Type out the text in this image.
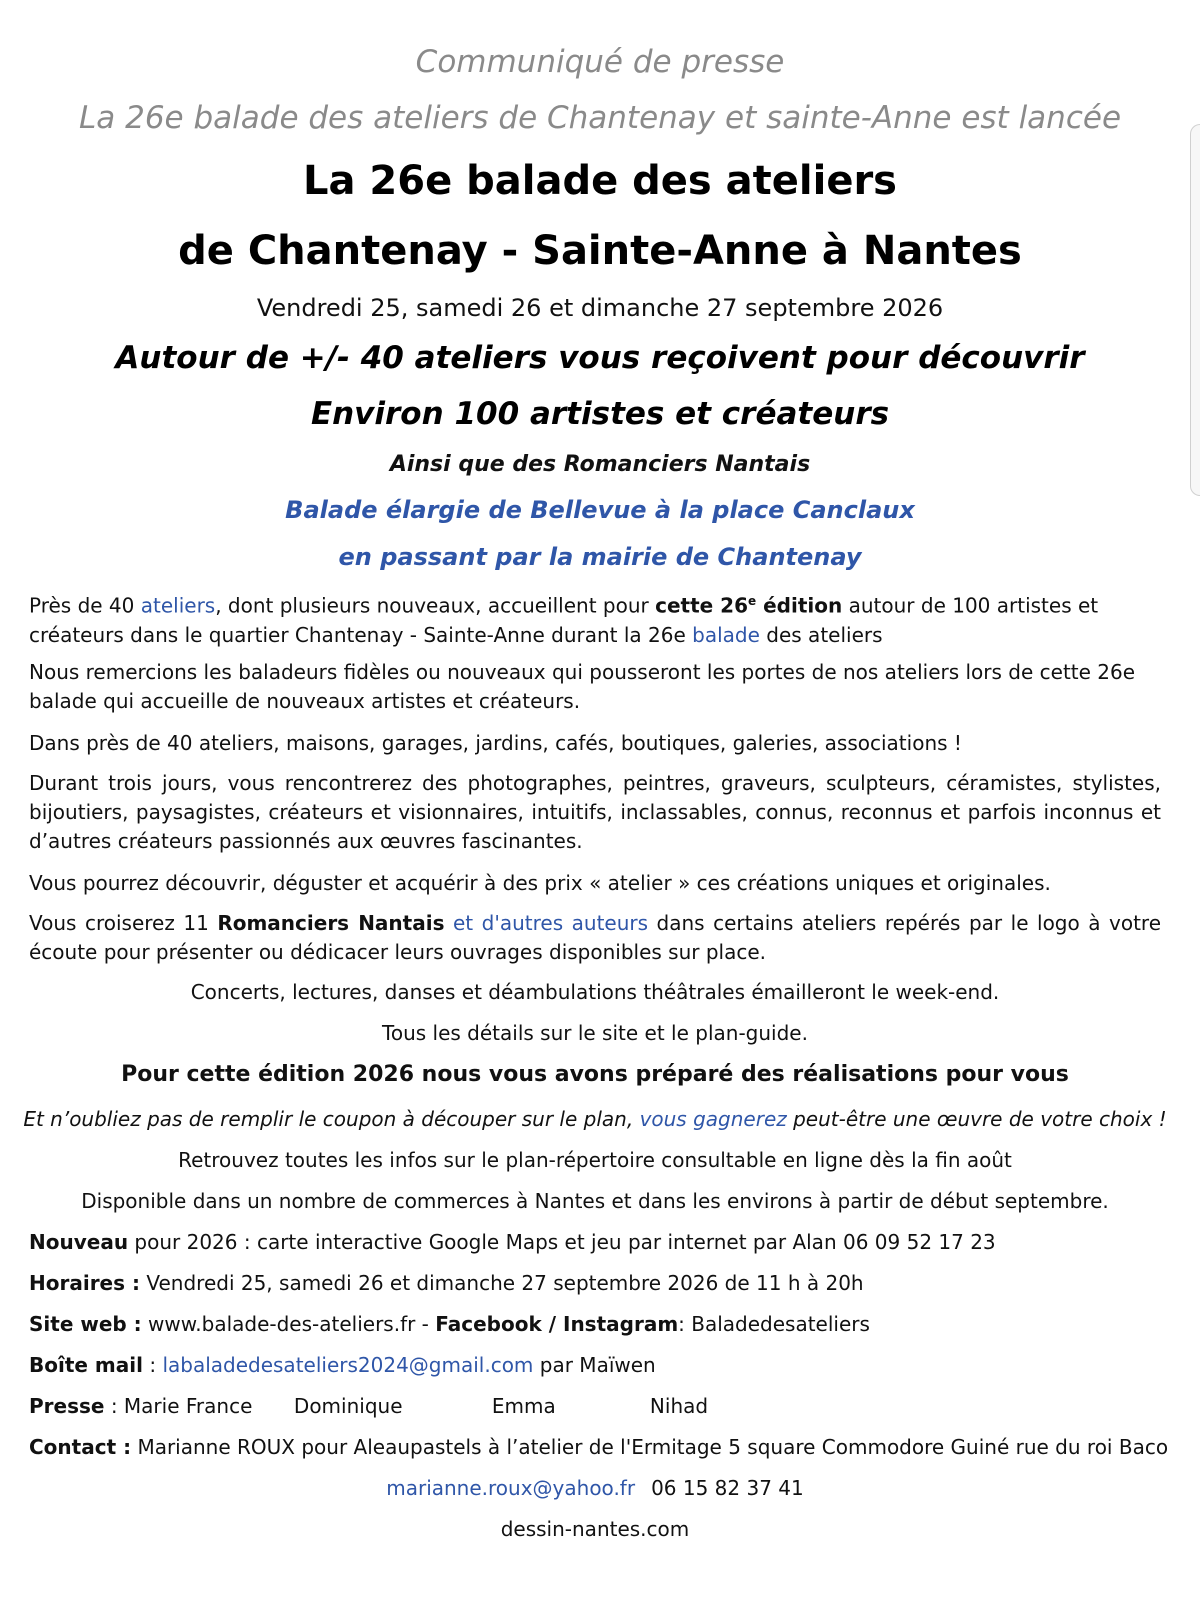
Communiqué de presse
La 26e balade des ateliers de Chantenay et sainte-Anne est lancée
La 26e balade des ateliers
de Chantenay - Sainte-Anne à Nantes
Vendredi 25, samedi 26 et dimanche 27 septembre 2026
Autour de +/- 40 ateliers vous reçoivent pour découvrir
Environ 100 artistes et créateurs
Ainsi que des Romanciers Nantais
Balade élargie de Bellevue à la place Canclaux
en passant par la mairie de Chantenay
Près de 40 ateliers, dont plusieurs nouveaux, accueillent pour cette 26e édition autour de 100 artistes et créateurs dans le quartier Chantenay - Sainte-Anne durant la 26e balade des ateliers
Nous remercions les baladeurs fidèles ou nouveaux qui pousseront les portes de nos ateliers lors de cette 26e balade qui accueille de nouveaux artistes et créateurs.
Dans près de 40 ateliers, maisons, garages, jardins, cafés, boutiques, galeries, associations !
Durant trois jours, vous rencontrerez des photographes, peintres, graveurs, sculpteurs, céramistes, stylistes, bijoutiers, paysagistes, créateurs et visionnaires, intuitifs, inclassables, connus, reconnus et parfois inconnus et d’autres créateurs passionnés aux œuvres fascinantes.
Vous pourrez découvrir, déguster et acquérir à des prix « atelier » ces créations uniques et originales.
Vous croiserez 11 Romanciers Nantais et d'autres auteurs dans certains ateliers repérés par le logo à votre écoute pour présenter ou dédicacer leurs ouvrages disponibles sur place.
Concerts, lectures, danses et déambulations théâtrales émailleront le week-end.
Tous les détails sur le site et le plan-guide.
Pour cette édition 2026 nous vous avons préparé des réalisations pour vous
Et n’oubliez pas de remplir le coupon à découper sur le plan, vous gagnerez peut-être une œuvre de votre choix !
Retrouvez toutes les infos sur le plan-répertoire consultable en ligne dès la fin août
Disponible dans un nombre de commerces à Nantes et dans les environs à partir de début septembre.
Nouveau pour 2026 : carte interactive Google Maps et jeu par internet par Alan 06 09 52 17 23
Horaires : Vendredi 25, samedi 26 et dimanche 27 septembre 2026 de 11 h à 20h
Site web : www.balade-des-ateliers.fr - Facebook / Instagram: Baladedesateliers
Boîte mail : labaladedesateliers2024@gmail.com par Maïwen
Presse : Marie France Dominique	Emma	Nihad
Contact : Marianne ROUX pour Aleaupastels à l’atelier de l'Ermitage 5 square Commodore Guiné rue du roi Baco
marianne.roux@yahoo.fr 06 15 82 37 41
dessin-nantes.com
